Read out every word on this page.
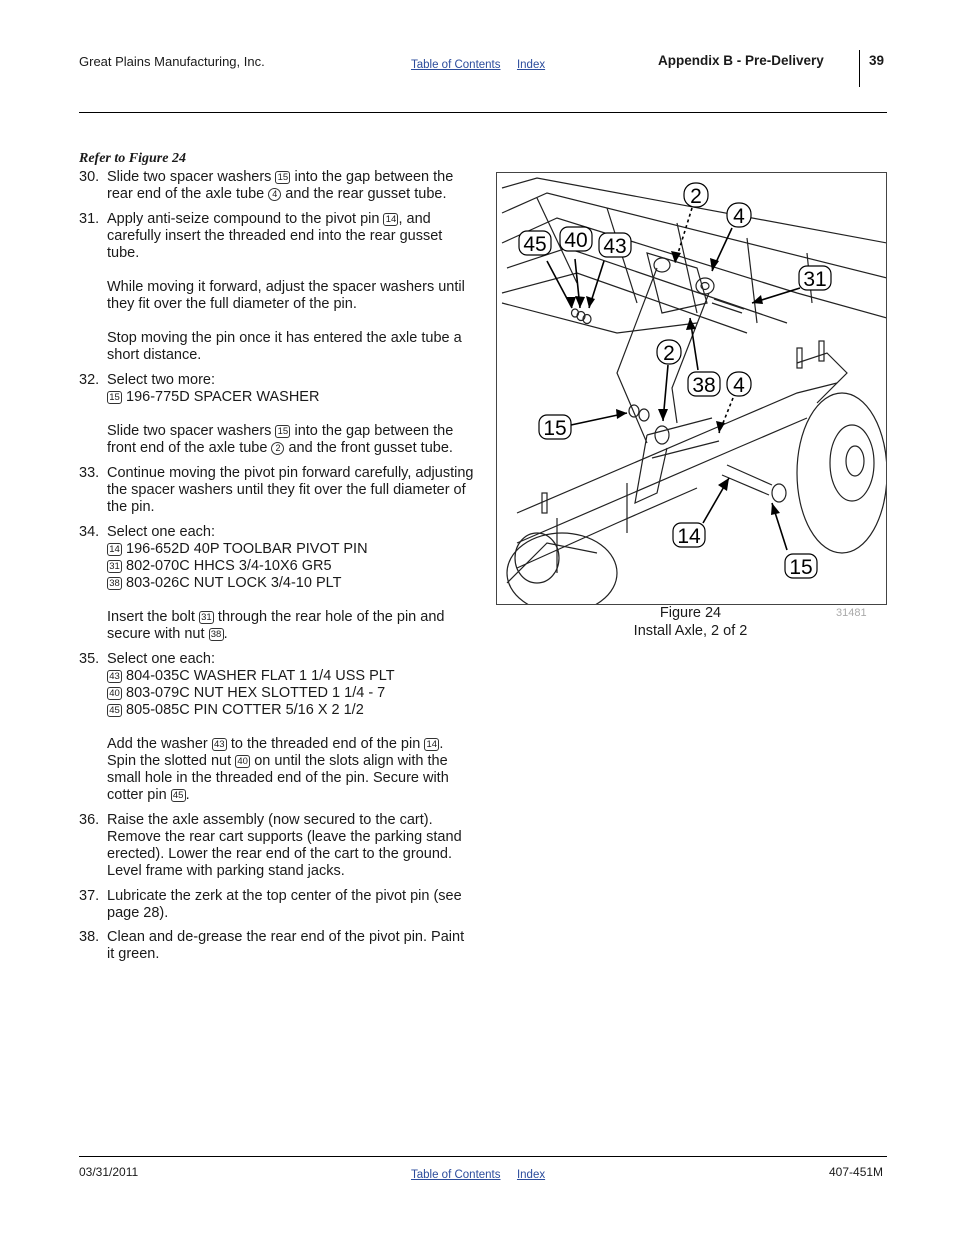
Great Plains Manufacturing, Inc.	Table of Contents Index	Appendix B - Pre-Delivery	39
Refer to Figure 24
30. Slide two spacer washers 15 into the gap between the rear end of the axle tube 4 and the rear gusset tube.

31. Apply anti-seize compound to the pivot pin 14 , and carefully insert the threaded end into the rear gusset tube.

While moving it forward, adjust the spacer washers until they fit over the full diameter of the pin.

Stop moving the pin once it has entered the axle tube a short distance.

32. Select two more:
15 196-775D SPACER WASHER

Slide two spacer washers 15 into the gap between the front end of the axle tube 2 and the front gusset tube.

33. Continue moving the pivot pin forward carefully, adjusting the spacer washers until they fit over the full diameter of the pin.

34. Select one each:
14 196-652D 40P TOOLBAR PIVOT PIN
31 802-070C HHCS 3/4-10X6 GR5
38 803-026C NUT LOCK 3/4-10 PLT

Insert the bolt 31 through the rear hole of the pin and secure with nut 38 .

35. Select one each:
43 804-035C WASHER FLAT 1 1/4 USS PLT
40 803-079C NUT HEX SLOTTED 1 1/4 - 7
45 805-085C PIN COTTER 5/16 X 2 1/2

Add the washer 43 to the threaded end of the pin 14 . Spin the slotted nut 40 on until the slots align with the small hole in the threaded end of the pin. Secure with cotter pin 45 .

36. Raise the axle assembly (now secured to the cart). Remove the rear cart supports (leave the parking stand erected). Lower the rear end of the cart to the ground. Level frame with parking stand jacks.

37. Lubricate the zerk at the top center of the pivot pin (see page 28).

38. Clean and de-grease the rear end of the pivot pin. Paint it green.

2
4
45 40 43
31
2
38 4
15
14
15
Figure 24
Install Axle, 2 of 2
31481
03/31/2011	Table of Contents Index	407-451M
